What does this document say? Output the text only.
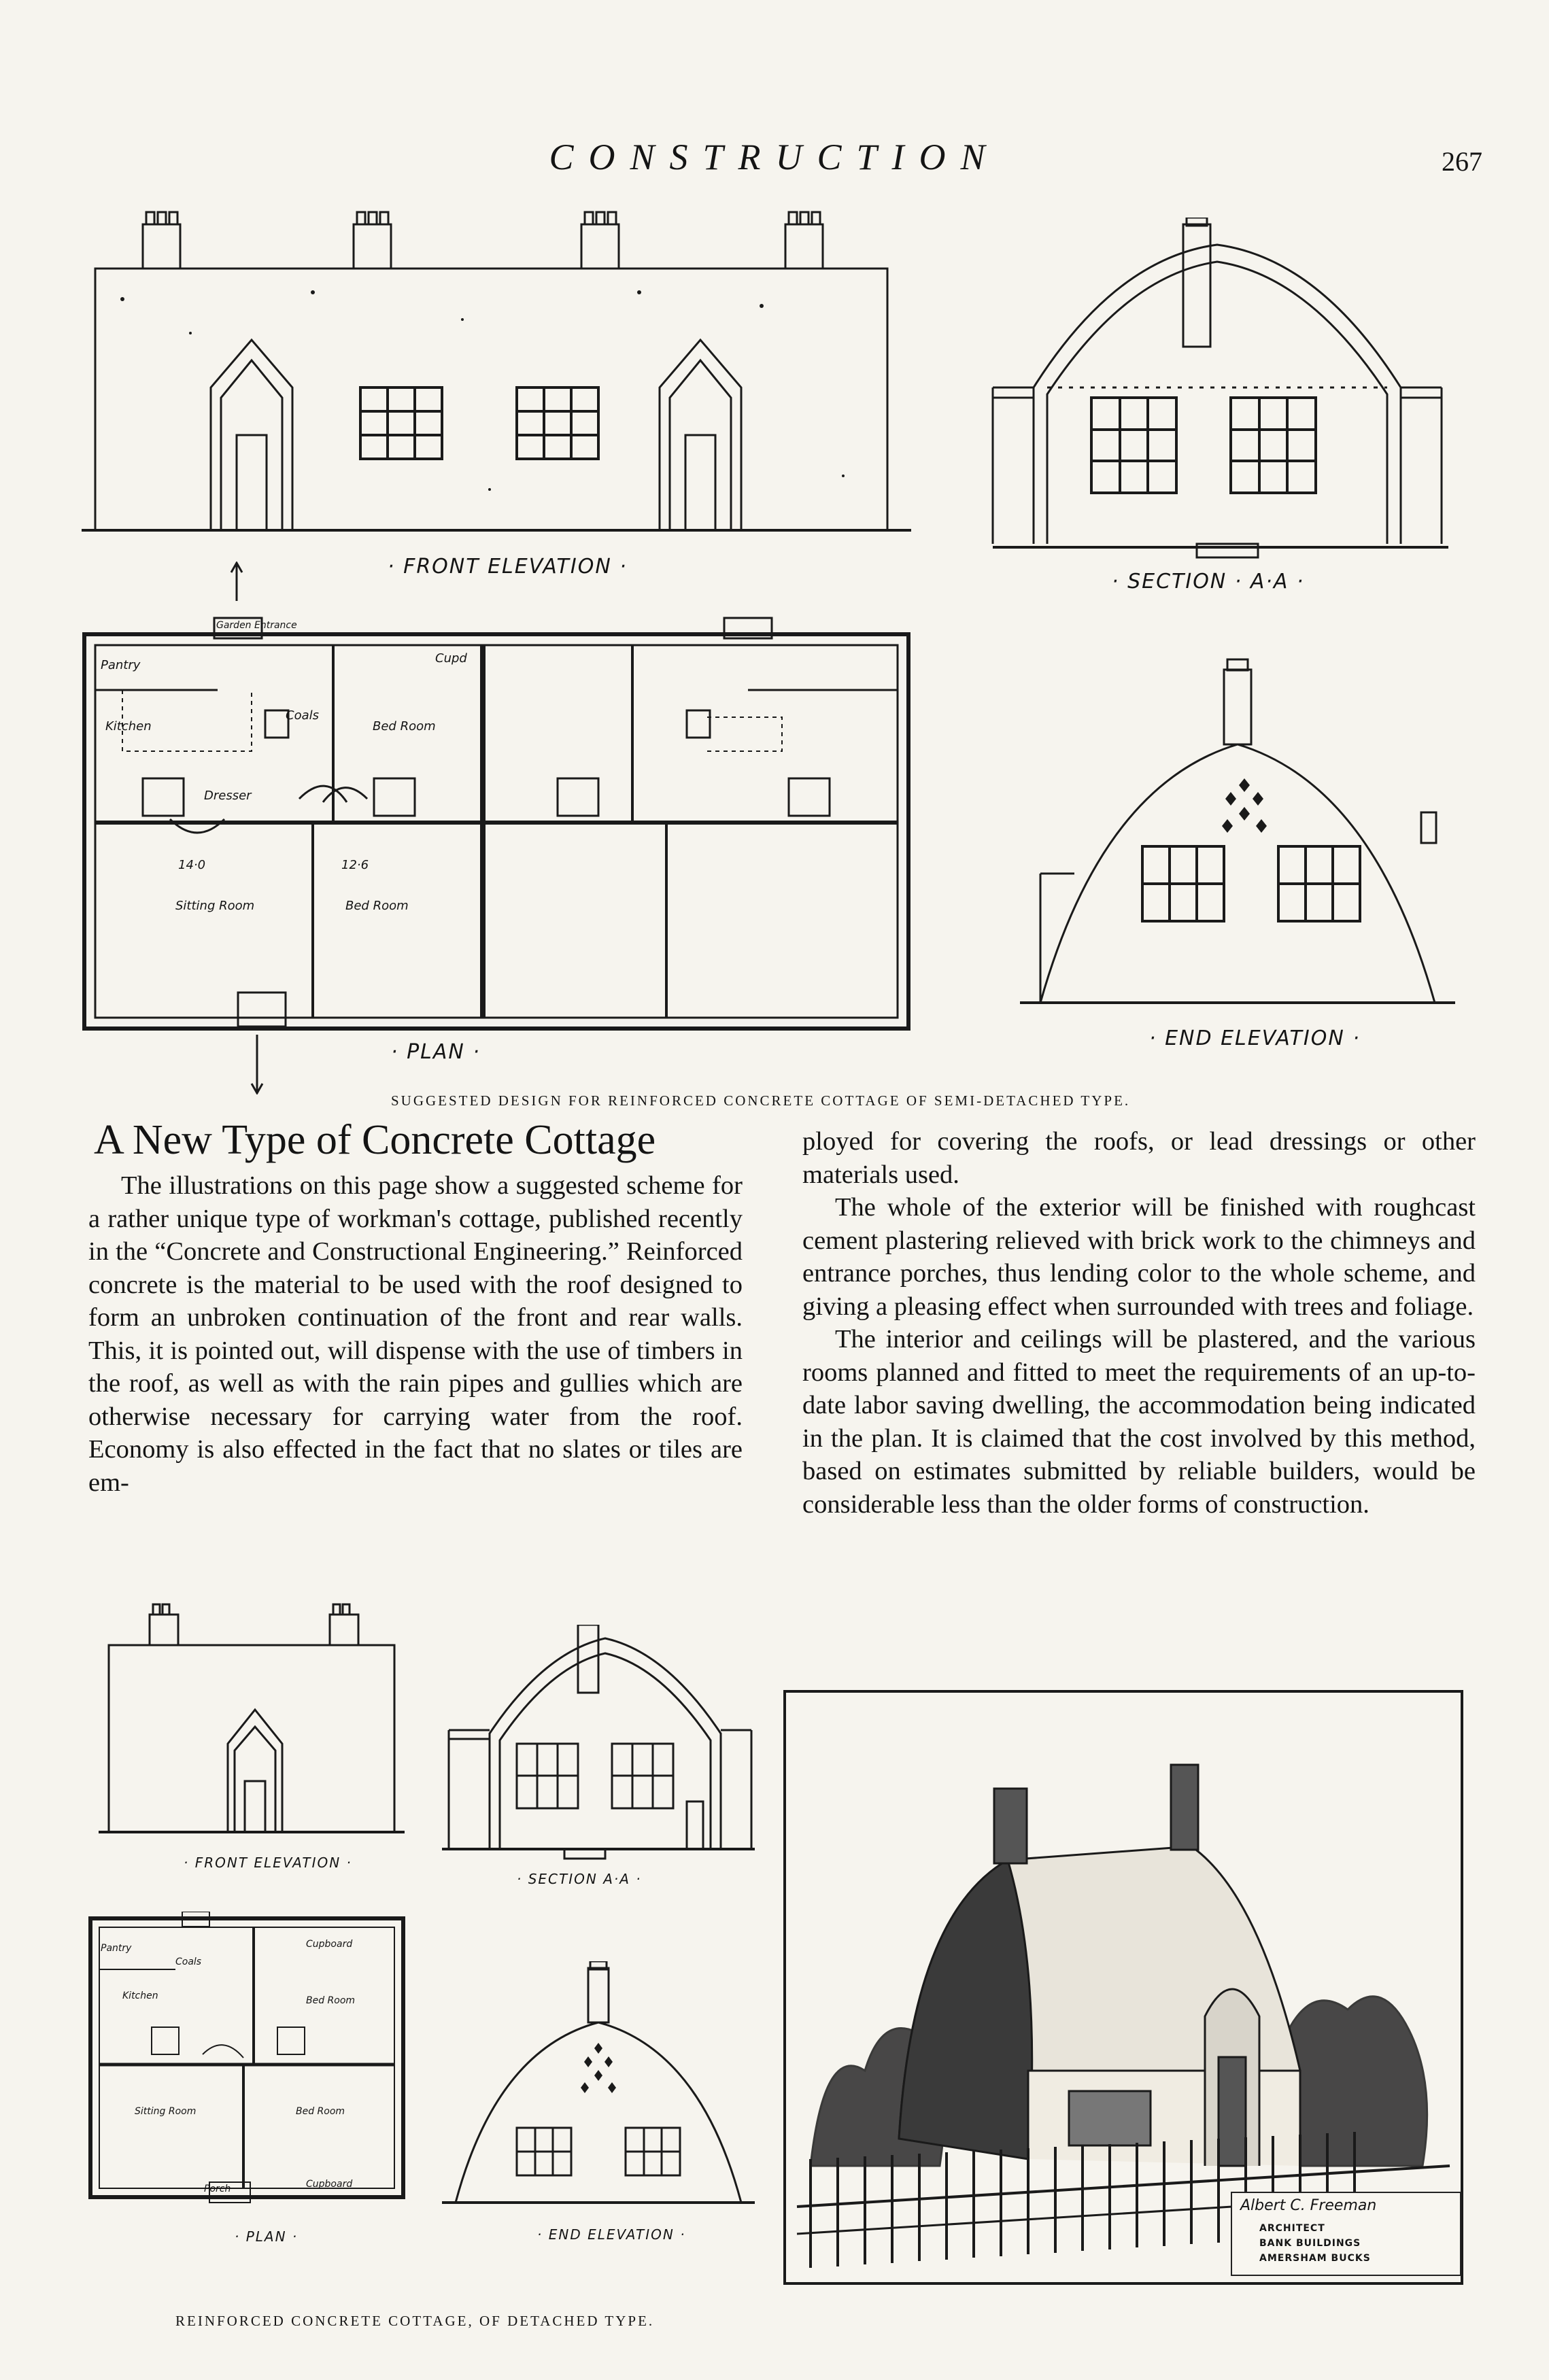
CONSTRUCTION	267
· FRONT ELEVATION ·
· SECTION · A·A ·
Pantry
Kitchen
Coals
Bed Room
Dresser
Cupd
Sitting Room	Bed Room
Garden Entrance
14·0	12·6
· PLAN ·
· END ELEVATION ·
SUGGESTED DESIGN FOR REINFORCED CONCRETE COTTAGE OF SEMI-DETACHED TYPE.
A New Type of Concrete Cottage

The illustrations on this page show a suggested scheme for a rather unique type of workman's cottage, published recently in the “Concrete and Constructional Engineering.” Reinforced concrete is the material to be used with the roof designed to form an unbroken continuation of the front and rear walls. This, it is pointed out, will dispense with the use of timbers in the roof, as well as with the rain pipes and gullies which are otherwise necessary for carrying water from the roof. Economy is also effected in the fact that no slates or tiles are em-

ployed for covering the roofs, or lead dressings or other materials used.

The whole of the exterior will be finished with roughcast cement plastering relieved with brick work to the chimneys and entrance porches, thus lending color to the whole scheme, and giving a pleasing effect when surrounded with trees and foliage.

The interior and ceilings will be plastered, and the various rooms planned and fitted to meet the requirements of an up-to-date labor saving dwelling, the accommodation being indicated in the plan. It is claimed that the cost involved by this method, based on estimates submitted by reliable builders, would be considerable less than the older forms of construction.

· FRONT ELEVATION ·
· SECTION A·A ·
Pantry
Coals
Kitchen
Cupboard
Bed Room
Sitting Room	Bed Room
Cupboard
Porch
· PLAN ·	· END ELEVATION ·
REINFORCED CONCRETE COTTAGE, OF DETACHED TYPE.
Albert C. Freeman
ARCHITECT
BANK BUILDINGS
AMERSHAM BUCKS
